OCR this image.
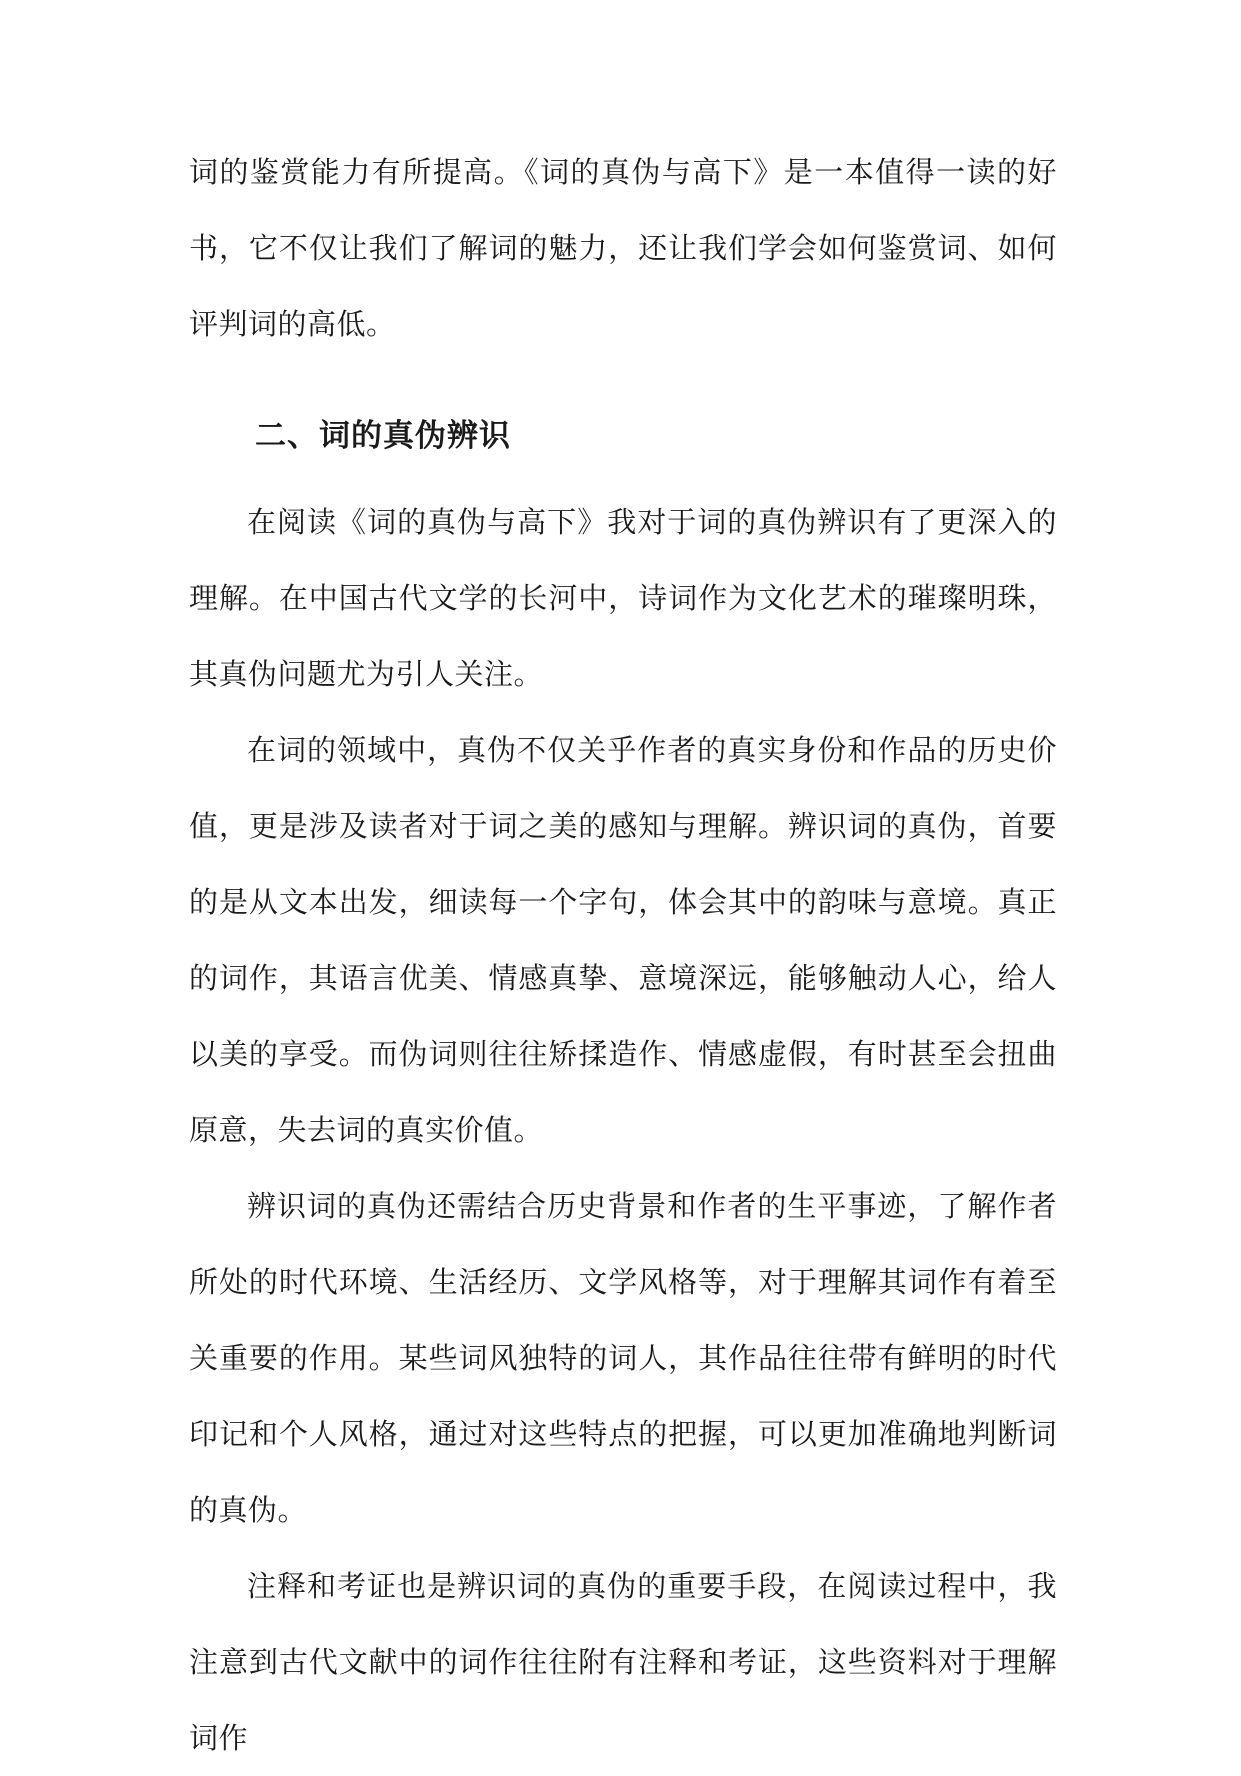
词的鉴赏能力有所提高。《词的真伪与高下》是一本值得一读的好书，它不仅让我们了解词的魅力，还让我们学会如何鉴赏词、如何评判词的高低。

二、词的真伪辨识

在阅读《词的真伪与高下》我对于词的真伪辨识有了更深入的理解。在中国古代文学的长河中，诗词作为文化艺术的璀璨明珠，其真伪问题尤为引人关注。

在词的领域中，真伪不仅关乎作者的真实身份和作品的历史价值，更是涉及读者对于词之美的感知与理解。辨识词的真伪，首要的是从文本出发，细读每一个字句，体会其中的韵味与意境。真正的词作，其语言优美、情感真挚、意境深远，能够触动人心，给人以美的享受。而伪词则往往矫揉造作、情感虚假，有时甚至会扭曲原意，失去词的真实价值。

辨识词的真伪还需结合历史背景和作者的生平事迹，了解作者所处的时代环境、生活经历、文学风格等，对于理解其词作有着至关重要的作用。某些词风独特的词人，其作品往往带有鲜明的时代印记和个人风格，通过对这些特点的把握，可以更加准确地判断词的真伪。

注释和考证也是辨识词的真伪的重要手段，在阅读过程中，我注意到古代文献中的词作往往附有注释和考证，这些资料对于理解词作
